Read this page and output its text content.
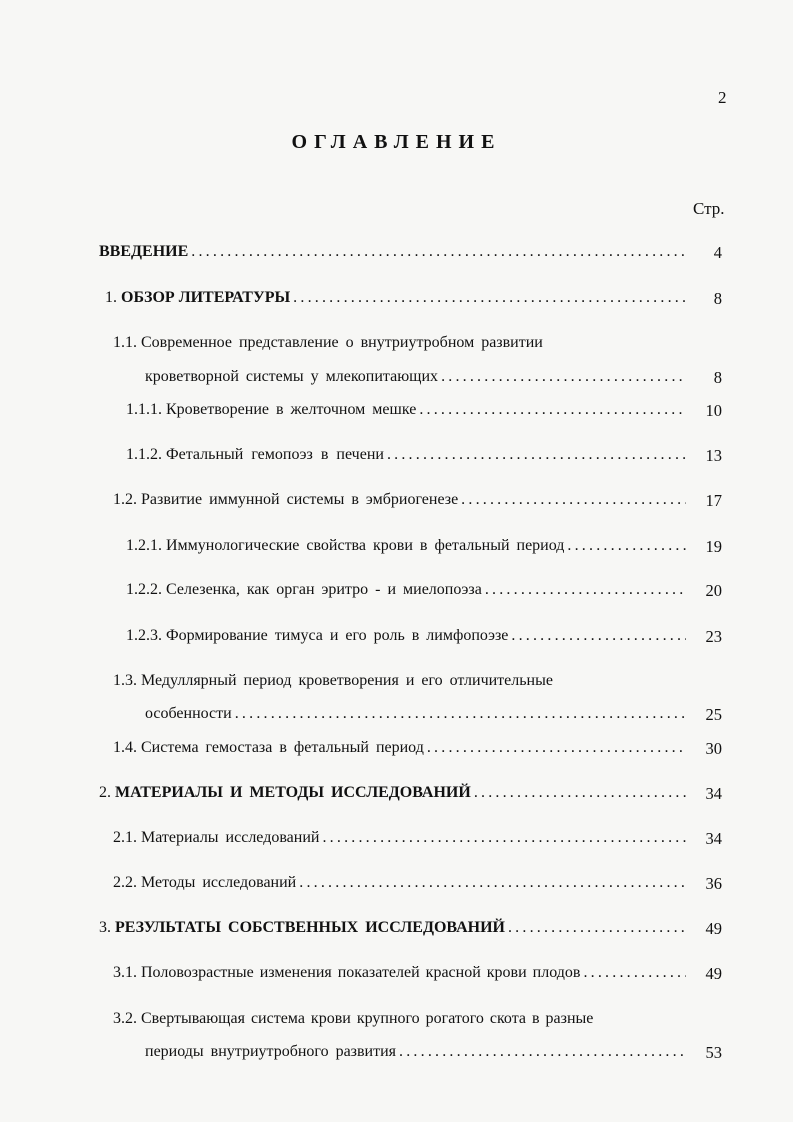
2
ОГЛАВЛЕНИЕ
Стр.
ВВЕДЕНИЕ .....	4
1. ОБЗОР ЛИТЕРАТУРЫ .....	8
1.1. Современное представление о внутриутробном развитии
кроветворной системы у млекопитающих .....	8
1.1.1. Кроветворение в желточном мешке .....	10
1.1.2. Фетальный гемопоэз в печени .....	13
1.2. Развитие иммунной системы в эмбриогенезе .....	17
1.2.1. Иммунологические свойства крови в фетальный период .....	19
1.2.2. Селезенка, как орган эритро - и миелопоэза .....	20
1.2.3. Формирование тимуса и его роль в лимфопоэзе .....	23
1.3. Медуллярный период кроветворения и его отличительные
особенности .....	25
1.4. Система гемостаза в фетальный период .....	30
2. МАТЕРИАЛЫ И МЕТОДЫ ИССЛЕДОВАНИЙ .....	34
2.1. Материалы исследований .....	34
2.2. Методы исследований .....	36
3. РЕЗУЛЬТАТЫ СОБСТВЕННЫХ ИССЛЕДОВАНИЙ .....	49
3.1. Половозрастные изменения показателей красной крови плодов .....	49
3.2. Свертывающая система крови крупного рогатого скота в разные
периоды внутриутробного развития .....	53
